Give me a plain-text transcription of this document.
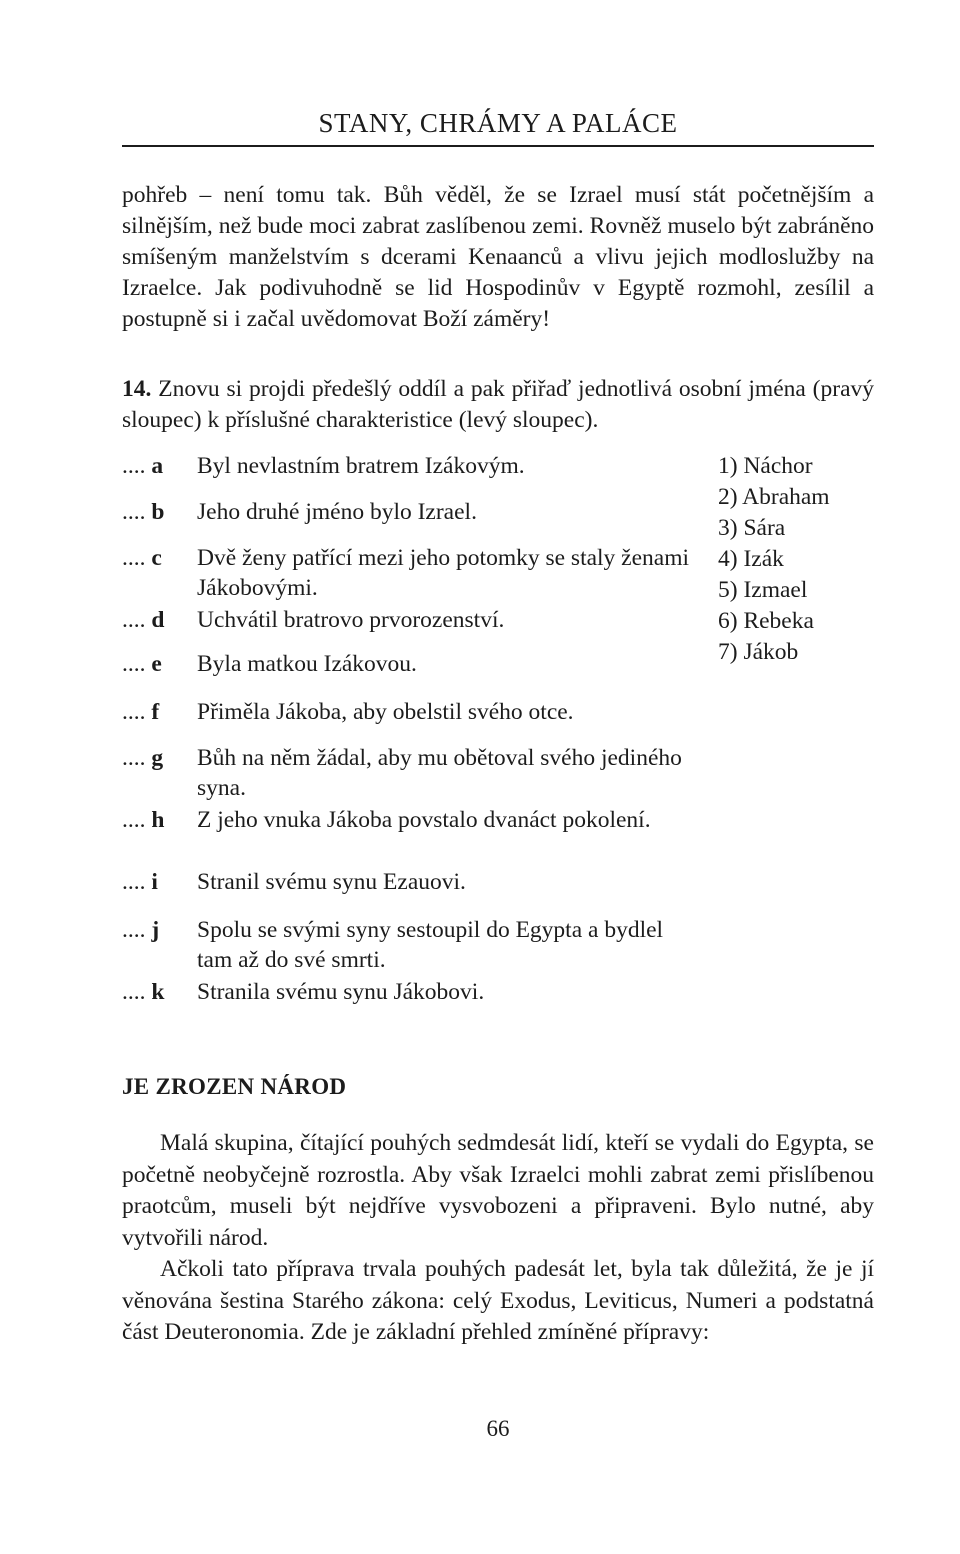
STANY, CHRÁMY A PALÁCE

pohřeb – není tomu tak. Bůh věděl, že se Izrael musí stát početnějším a silnějším, než bude moci zabrat zaslíbenou zemi. Rovněž muselo být zabráněno smíšeným manželstvím s dcerami Kenaanců a vlivu jejich modloslužby na Izraelce. Jak podivuhodně se lid Hospodinův v Egyptě rozmohl, zesílil a postupně si i začal uvědomovat Boží záměry!

14. Znovu si projdi předešlý oddíl a pak přiřaď jednotlivá osobní jména (pravý sloupec) k příslušné charakteristice (levý sloupec).

.... a	Byl nevlastním bratrem Izákovým.
.... b	Jeho druhé jméno bylo Izrael.
.... c	Dvě ženy patřící mezi jeho potomky se staly ženami Jákobovými.
.... d	Uchvátil bratrovo prvorozenství.
.... e	Byla matkou Izákovou.
.... f	Přiměla Jákoba, aby obelstil svého otce.
.... g	Bůh na něm žádal, aby mu obětoval svého jediného syna.
.... h	Z jeho vnuka Jákoba povstalo dvanáct pokolení.
.... i	Stranil svému synu Ezauovi.
.... j	Spolu se svými syny sestoupil do Egypta a bydlel tam až do své smrti.
.... k	Stranila svému synu Jákobovi.
1) Náchor
2) Abraham
3) Sára
4) Izák
5) Izmael
6) Rebeka
7) Jákob
JE ZROZEN NÁROD

Malá skupina, čítající pouhých sedmdesát lidí, kteří se vydali do Egypta, se početně neobyčejně rozrostla. Aby však Izraelci mohli zabrat zemi přislíbenou praotcům, museli být nejdříve vysvobozeni a připraveni. Bylo nutné, aby vytvořili národ.

Ačkoli tato příprava trvala pouhých padesát let, byla tak důležitá, že je jí věnována šestina Starého zákona: celý Exodus, Leviticus, Numeri a podstatná část Deuteronomia. Zde je základní přehled zmíněné přípravy:

66
